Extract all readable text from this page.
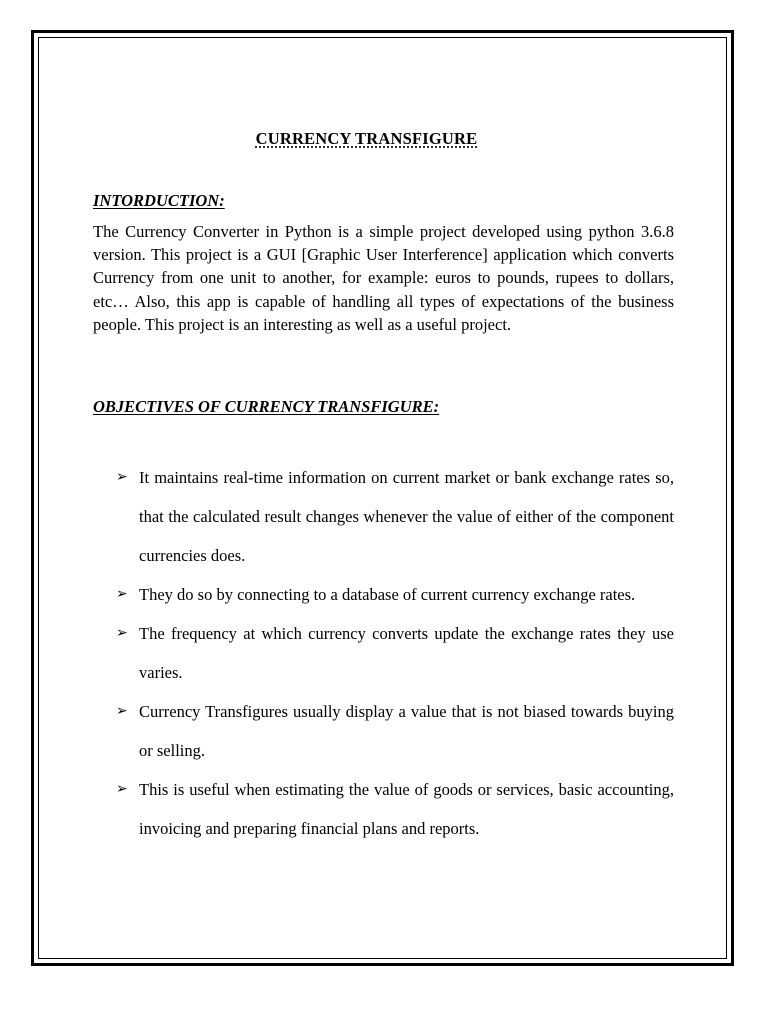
CURRENCY TRANSFIGURE
INTORDUCTION:

The Currency Converter in Python is a simple project developed using python 3.6.8 version. This project is a GUI [Graphic User Interference] application which converts Currency from one unit to another, for example: euros to pounds, rupees to dollars, etc… Also, this app is capable of handling all types of expectations of the business people. This project is an interesting as well as a useful project.

OBJECTIVES OF CURRENCY TRANSFIGURE:
➢ It maintains real-time information on current market or bank exchange rates so, that the calculated result changes whenever the value of either of the component currencies does.
➢ They do so by connecting to a database of current currency exchange rates.
➢ The frequency at which currency converts update the exchange rates they use varies.
➢ Currency Transfigures usually display a value that is not biased towards buying or selling.
➢ This is useful when estimating the value of goods or services, basic accounting, invoicing and preparing financial plans and reports.
